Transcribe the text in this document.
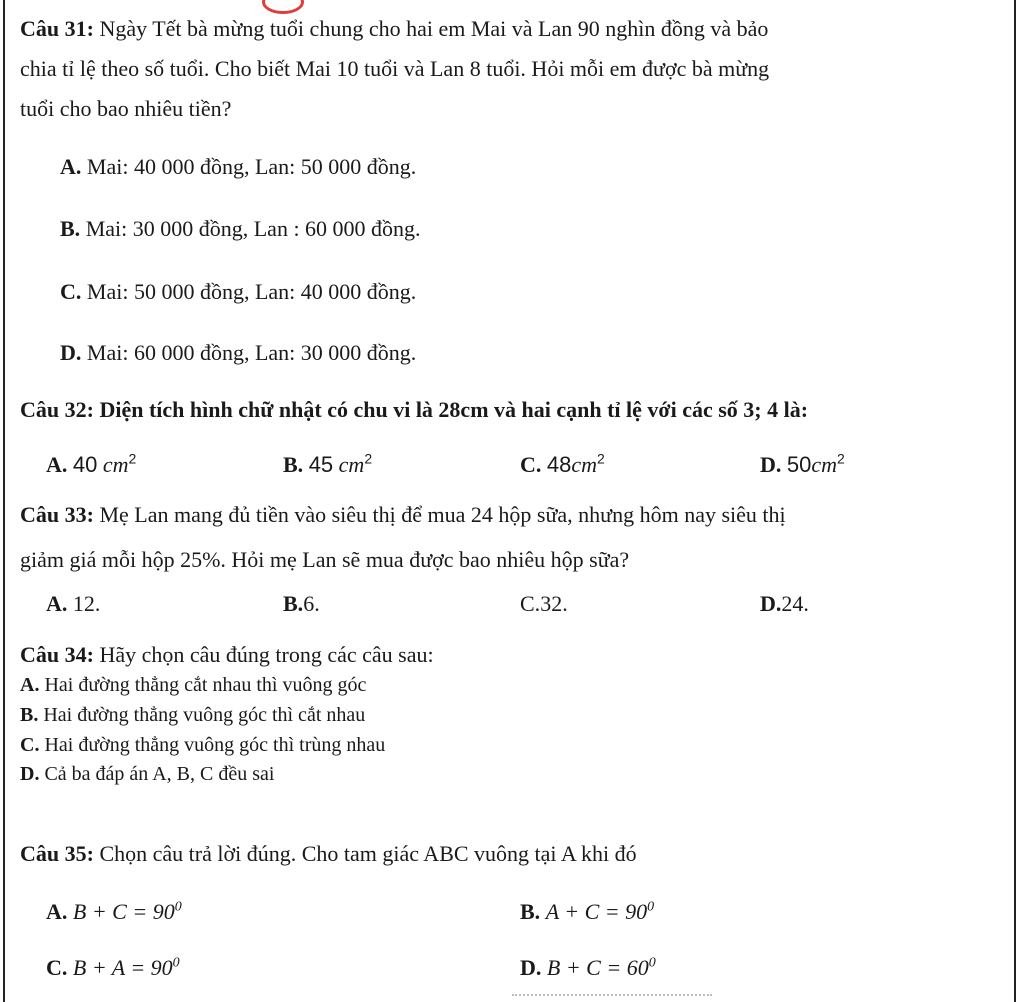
Câu 31: Ngày Tết bà mừng tuổi chung cho hai em Mai và Lan 90 nghìn đồng và bảo
chia tỉ lệ theo số tuổi. Cho biết Mai 10 tuổi và Lan 8 tuổi. Hỏi mỗi em được bà mừng
tuổi cho bao nhiêu tiền?
A. Mai: 40 000 đồng, Lan: 50 000 đồng.
B. Mai: 30 000 đồng, Lan : 60 000 đồng.
C. Mai: 50 000 đồng, Lan: 40 000 đồng.
D. Mai: 60 000 đồng, Lan: 30 000 đồng.
Câu 32: Diện tích hình chữ nhật có chu vi là 28cm và hai cạnh tỉ lệ với các số 3; 4 là:
A. 40 $cm^2$	B. 45 $cm^2$	C. $48cm^2$	D. $50cm^2$
Câu 33: Mẹ Lan mang đủ tiền vào siêu thị để mua 24 hộp sữa, nhưng hôm nay siêu thị
giảm giá mỗi hộp 25%. Hỏi mẹ Lan sẽ mua được bao nhiêu hộp sữa?
A. 12.	B.6.	C.32.	D.24.
Câu 34: Hãy chọn câu đúng trong các câu sau:
A. Hai đường thẳng cắt nhau thì vuông góc
B. Hai đường thẳng vuông góc thì cắt nhau
C. Hai đường thẳng vuông góc thì trùng nhau
D. Cả ba đáp án A, B, C đều sai
Câu 35: Chọn câu trả lời đúng. Cho tam giác ABC vuông tại A khi đó
A. $B + C = 90^0$	B. $A + C = 90^0$
C. $B + A = 90^0$	D. $B + C = 60^0$
